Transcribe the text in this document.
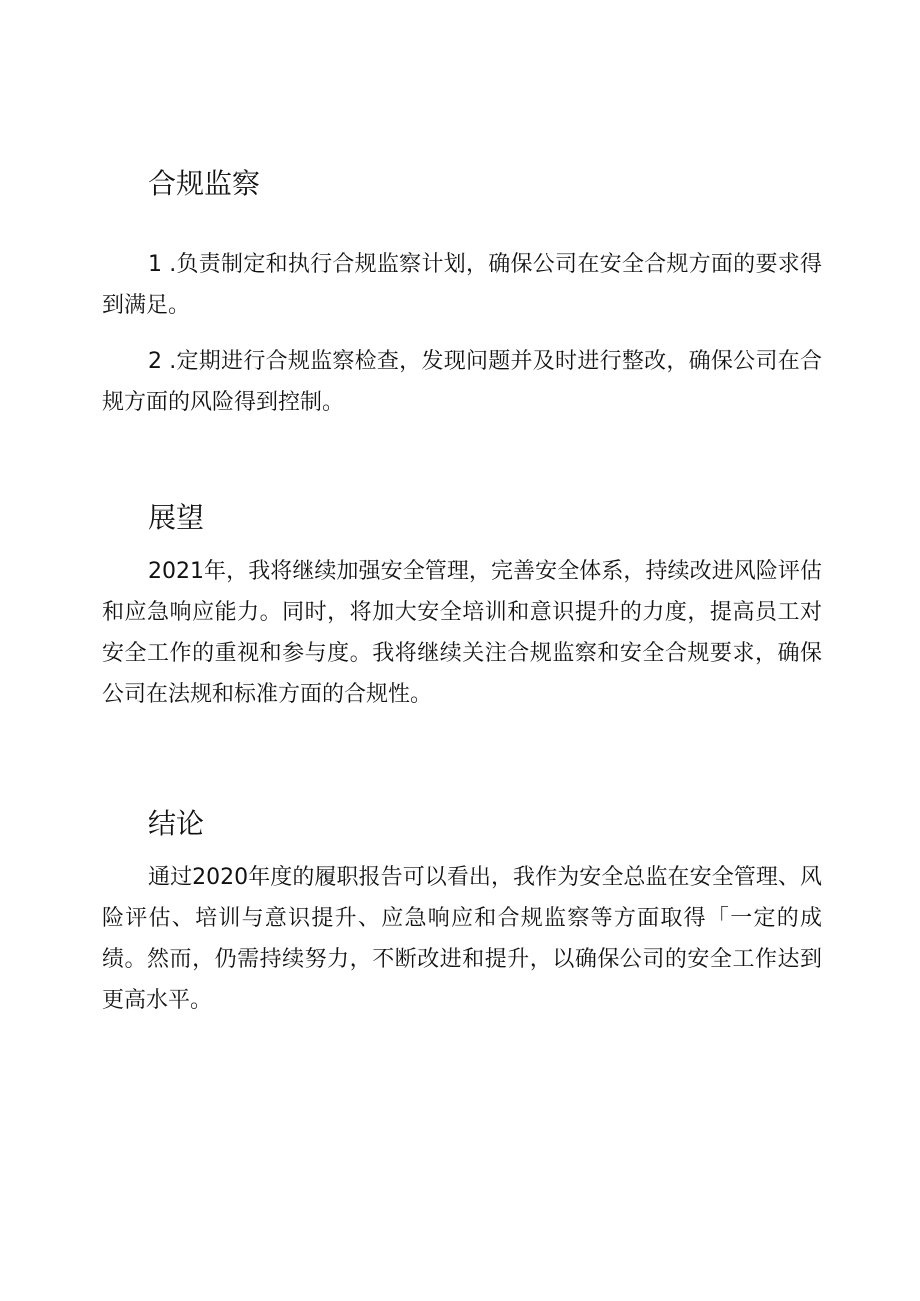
合规监察

1 .负责制定和执行合规监察计划，确保公司在安全合规方面的要求得到满足。

2 .定期进行合规监察检查，发现问题并及时进行整改，确保公司在合规方面的风险得到控制。

展望

2021年，我将继续加强安全管理，完善安全体系，持续改进风险评估和应急响应能力。同时，将加大安全培训和意识提升的力度，提高员工对安全工作的重视和参与度。我将继续关注合规监察和安全合规要求，确保公司在法规和标准方面的合规性。

结论

通过2020年度的履职报告可以看出，我作为安全总监在安全管理、风险评估、培训与意识提升、应急响应和合规监察等方面取得「一定的成绩。然而，仍需持续努力，不断改进和提升，以确保公司的安全工作达到更高水平。
